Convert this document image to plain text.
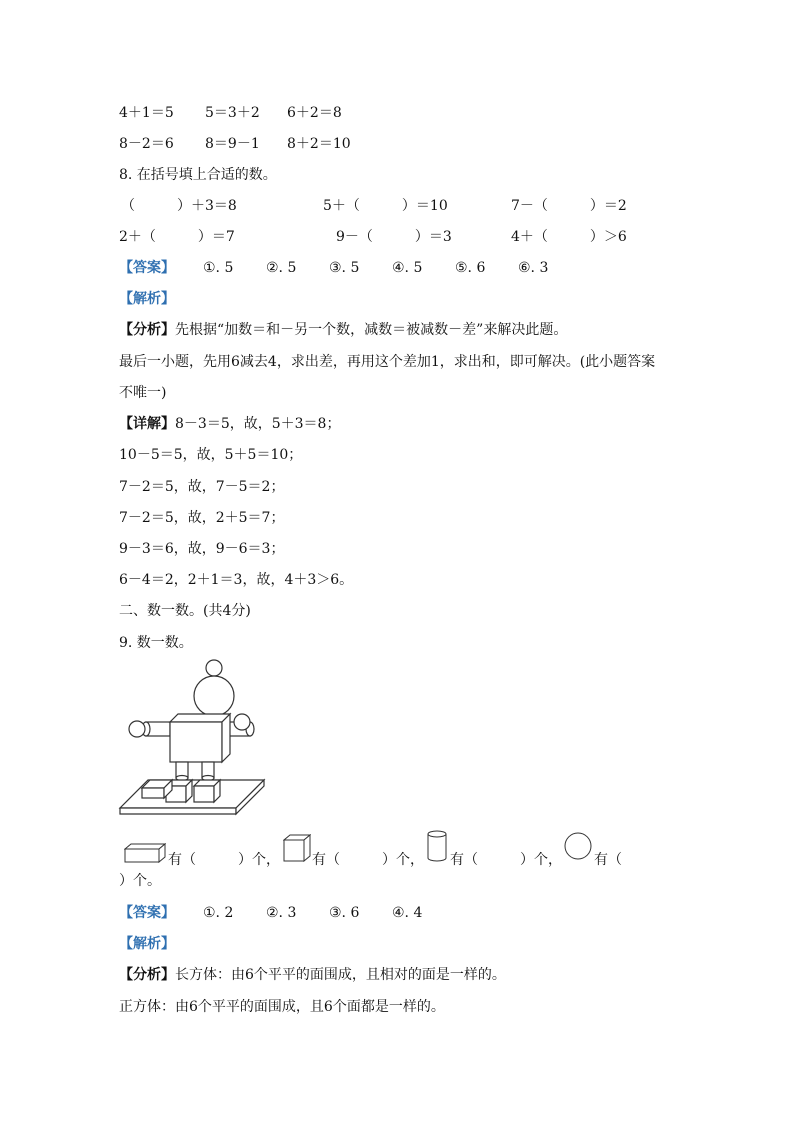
4＋1＝5 5＝3＋2 6＋2＝8
8－2＝6 8＝9－1 8＋2＝10
8. 在括号填上合适的数。
（　　　）＋3＝8	5＋（　　　）＝10	7－（　　　）＝2
2＋（　　　）＝7	9－（　　　）＝3	4＋（　　　）＞6
【答案】 ①. 5 ②. 5 ③. 5 ④. 5 ⑤. 6 ⑥. 3
【解析】
【分析】先根据“加数＝和－另一个数，减数＝被减数－差”来解决此题。
最后一小题，先用6减去4，求出差，再用这个差加1，求出和，即可解决。(此小题答案
不唯一)
【详解】8－3＝5，故，5＋3＝8；
10－5＝5，故，5＋5＝10；
7－2＝5，故，7－5＝2；
7－2＝5，故，2＋5＝7；
9－3＝6，故，9－6＝3；
6－4＝2，2＋1＝3，故，4＋3＞6。
二、数一数。(共4分)
9. 数一数。
有（　　　）个， 有（　　　）个， 有（　　　）个， 有（
）个。
【答案】 ①. 2 ②. 3 ③. 6 ④. 4
【解析】
【分析】长方体：由6个平平的面围成，且相对的面是一样的。
正方体：由6个平平的面围成，且6个面都是一样的。
